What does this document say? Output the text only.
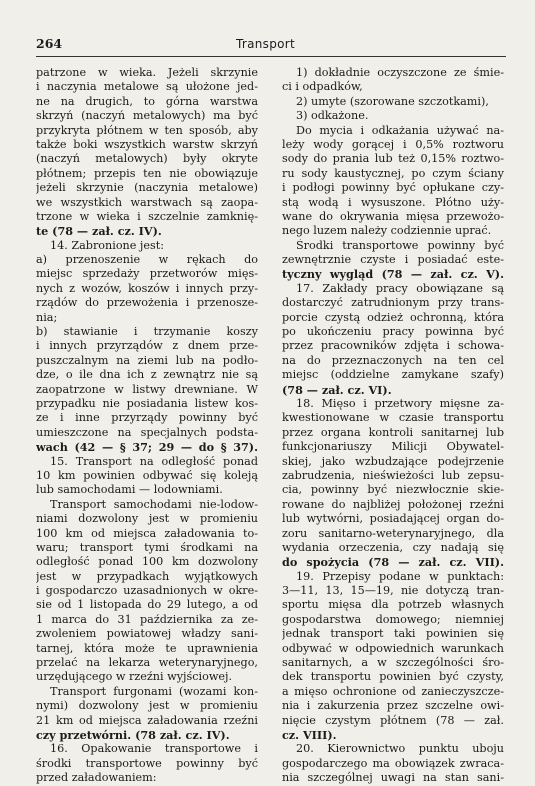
264	Transport
patrzone w wieka. Jeżeli skrzynie
i naczynia metalowe są ułożone jed-
ne na drugich, to górna warstwa
skrzyń (naczyń metalowych) ma być
przykryta płótnem w ten sposób, aby
także boki wszystkich warstw skrzyń
(naczyń metalowych) były okryte
płótnem; przepis ten nie obowiązuje
jeżeli skrzynie (naczynia metalowe)
we wszystkich warstwach są zaopa-
trzone w wieka i szczelnie zamknię-
te (78 — zał. cz. IV).
14. Zabronione jest:
a) przenoszenie w rękach do
miejsc sprzedaży przetworów mięs-
nych z wozów, koszów i innych przy-
rządów do przewożenia i przenosze-
nia;
b) stawianie i trzymanie koszy
i innych przyrządów z dnem prze-
puszczalnym na ziemi lub na podło-
dze, o ile dna ich z zewnątrz nie są
zaopatrzone w listwy drewniane. W
przypadku nie posiadania listew kos-
ze i inne przyrządy powinny być
umieszczone na specjalnych podsta-
wach (42 — § 37; 29 — do § 37).
15. Transport na odległość ponad
10 km powinien odbywać się koleją
lub samochodami — lodowniami.
Transport samochodami nie-lodow-
niami dozwolony jest w promieniu
100 km od miejsca załadowania to-
waru; transport tymi środkami na
odległość ponad 100 km dozwolony
jest w przypadkach wyjątkowych
i gospodarczo uzasadnionych w okre-
sie od 1 listopada do 29 lutego, a od
1 marca do 31 października za ze-
zwoleniem powiatowej władzy sani-
tarnej, która może te uprawnienia
przelać na lekarza weterynaryjnego,
urzędującego w rzeźni wyjściowej.
Transport furgonami (wozami kon-
nymi) dozwolony jest w promieniu
21 km od miejsca załadowania rzeźni
czy przetwórni. (78 zał. cz. IV).
16. Opakowanie transportowe i
środki transportowe powinny być
przed załadowaniem:
1) dokładnie oczyszczone ze śmie-
ci i odpadków,
2) umyte (szorowane szczotkami),
3) odkażone.
Do mycia i odkażania używać na-
leży wody gorącej i 0,5% roztworu
sody do prania lub też 0,15% roztwo-
ru sody kaustycznej, po czym ściany
i podłogi powinny być opłukane czy-
stą wodą i wysuszone. Płótno uży-
wane do okrywania mięsa przewożo-
nego luzem należy codziennie uprać.
Środki transportowe powinny być
zewnętrznie czyste i posiadać este-
tyczny wygląd (78 — zał. cz. V).
17. Zakłady pracy obowiązane są
dostarczyć zatrudnionym przy trans-
porcie czystą odzież ochronną, która
po ukończeniu pracy powinna być
przez pracowników zdjęta i schowa-
na do przeznaczonych na ten cel
miejsc (oddzielne zamykane szafy)
(78 — zał. cz. VI).
18. Mięso i przetwory mięsne za-
kwestionowane w czasie transportu
przez organa kontroli sanitarnej lub
funkcjonariuszy Milicji Obywatel-
skiej, jako wzbudzające podejrzenie
zabrudzenia, nieświeżości lub zepsu-
cia, powinny być niezwłocznie skie-
rowane do najbliżej położonej rzeźni
lub wytwórni, posiadającej organ do-
zoru sanitarno-weterynaryjnego, dla
wydania orzeczenia, czy nadają się
do spożycia (78 — zał. cz. VII).
19. Przepisy podane w punktach:
3—11, 13, 15—19, nie dotyczą tran-
sportu mięsa dla potrzeb własnych
gospodarstwa domowego; niemniej
jednak transport taki powinien się
odbywać w odpowiednich warunkach
sanitarnych, a w szczególności śro-
dek transportu powinien być czysty,
a mięso ochronione od zanieczyszcze-
nia i zakurzenia przez szczelne owi-
nięcie czystym płótnem (78 — zał.
cz. VIII).
20. Kierownictwo punktu uboju
gospodarczego ma obowiązek zwraca-
nia szczególnej uwagi na stan sani-
